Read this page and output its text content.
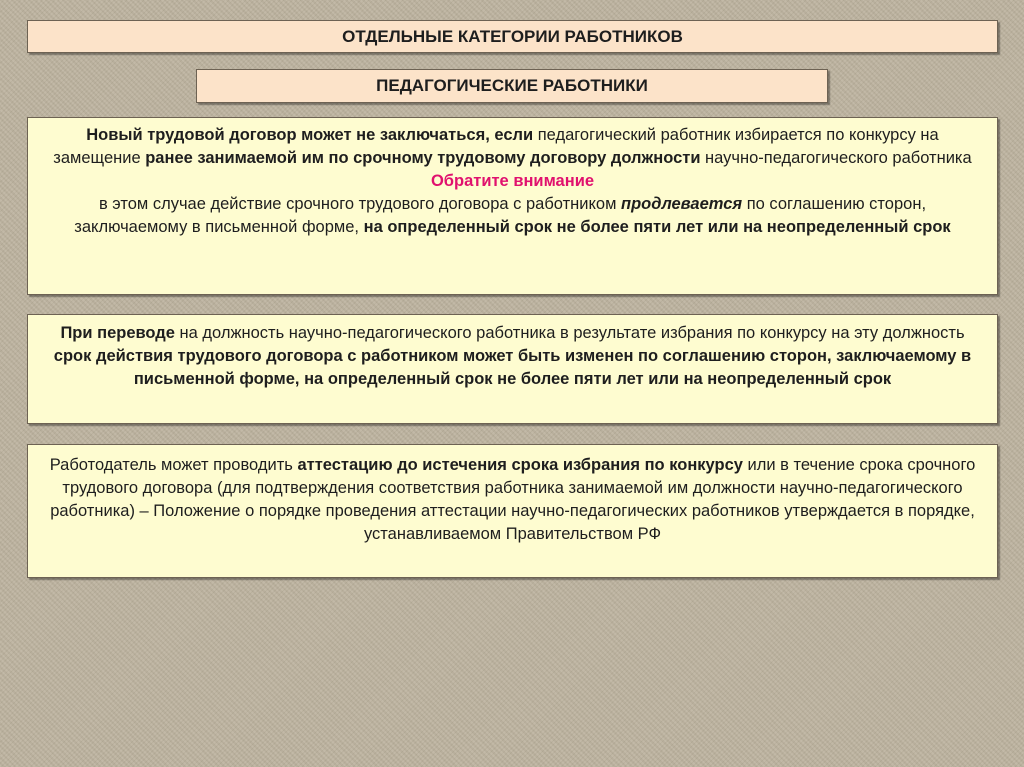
ОТДЕЛЬНЫЕ КАТЕГОРИИ РАБОТНИКОВ
ПЕДАГОГИЧЕСКИЕ РАБОТНИКИ
Новый трудовой договор может не заключаться, если педагогический работник избирается по конкурсу на замещение ранее занимаемой им по срочному трудовому договору должности научно-педагогического работника
Обратите внимание
в этом случае действие срочного трудового договора с работником продлевается по соглашению сторон, заключаемому в письменной форме, на определенный срок не более пяти лет или на неопределенный срок
При переводе на должность научно-педагогического работника в результате избрания по конкурсу на эту должность срок действия трудового договора с работником может быть изменен по соглашению сторон, заключаемому в письменной форме, на определенный срок не более пяти лет или на неопределенный срок
Работодатель может проводить аттестацию до истечения срока избрания по конкурсу или в течение срока срочного трудового договора (для подтверждения соответствия работника занимаемой им должности научно-педагогического работника) – Положение о порядке проведения аттестации научно-педагогических работников утверждается в порядке, устанавливаемом Правительством РФ
